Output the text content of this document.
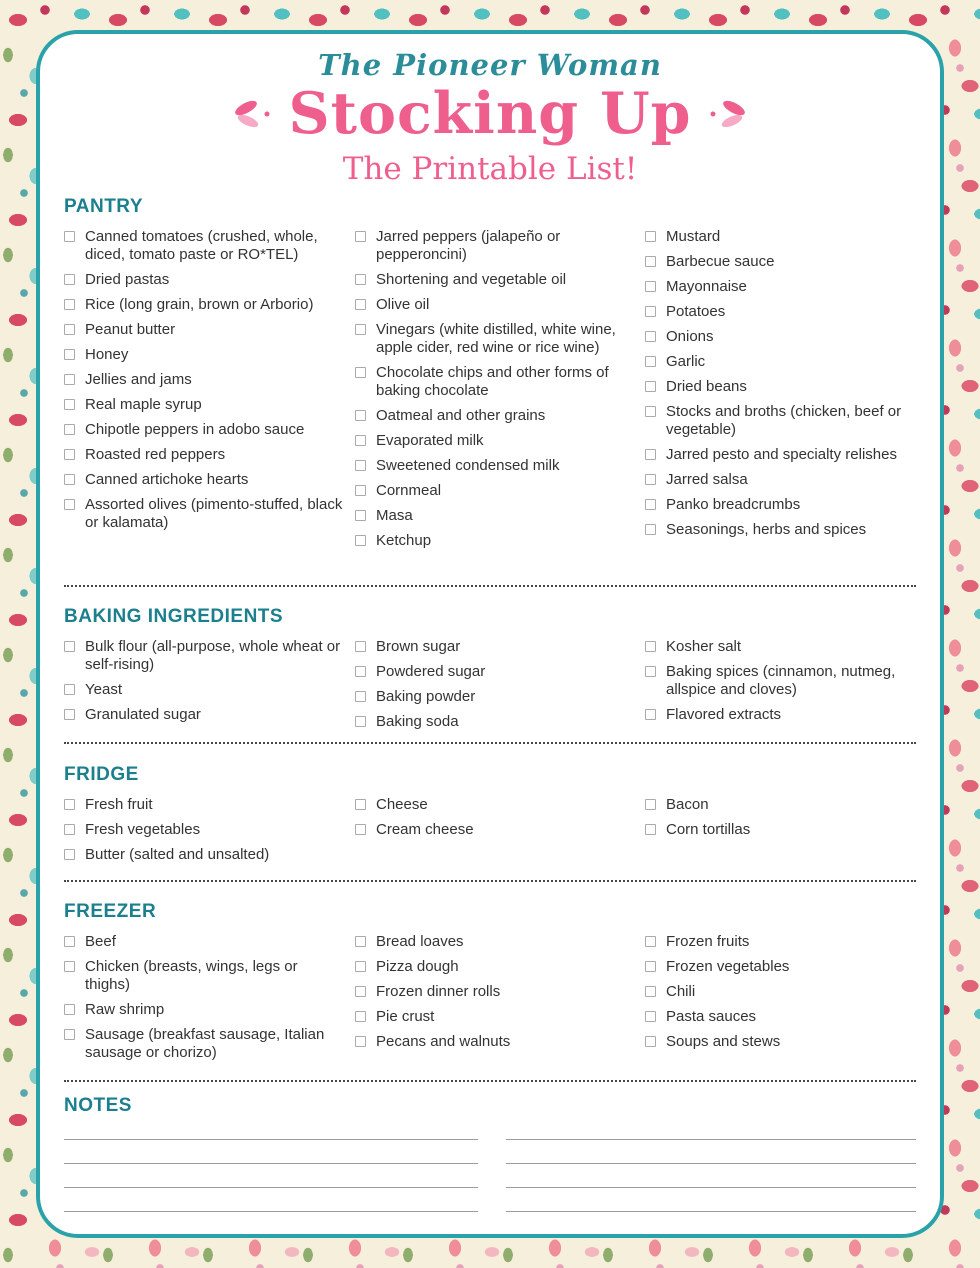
The Pioneer Woman
Stocking Up
The Printable List!
PANTRY
Canned tomatoes (crushed, whole, diced, tomato paste or RO*TEL)
Dried pastas
Rice (long grain, brown or Arborio)
Peanut butter
Honey
Jellies and jams
Real maple syrup
Chipotle peppers in adobo sauce
Roasted red peppers
Canned artichoke hearts
Assorted olives (pimento-stuffed, black or kalamata)
Jarred peppers (jalapeño or pepperoncini)
Shortening and vegetable oil
Olive oil
Vinegars (white distilled, white wine, apple cider, red wine or rice wine)
Chocolate chips and other forms of baking chocolate
Oatmeal and other grains
Evaporated milk
Sweetened condensed milk
Cornmeal
Masa
Ketchup
Mustard
Barbecue sauce
Mayonnaise
Potatoes
Onions
Garlic
Dried beans
Stocks and broths (chicken, beef or vegetable)
Jarred pesto and specialty relishes
Jarred salsa
Panko breadcrumbs
Seasonings, herbs and spices
BAKING INGREDIENTS
Bulk flour (all-purpose, whole wheat or self-rising)
Yeast
Granulated sugar
Brown sugar
Powdered sugar
Baking powder
Baking soda
Kosher salt
Baking spices (cinnamon, nutmeg, allspice and cloves)
Flavored extracts
FRIDGE
Fresh fruit
Fresh vegetables
Butter (salted and unsalted)
Cheese
Cream cheese
Bacon
Corn tortillas
FREEZER
Beef
Chicken (breasts, wings, legs or thighs)
Raw shrimp
Sausage (breakfast sausage, Italian sausage or chorizo)
Bread loaves
Pizza dough
Frozen dinner rolls
Pie crust
Pecans and walnuts
Frozen fruits
Frozen vegetables
Chili
Pasta sauces
Soups and stews
NOTES
